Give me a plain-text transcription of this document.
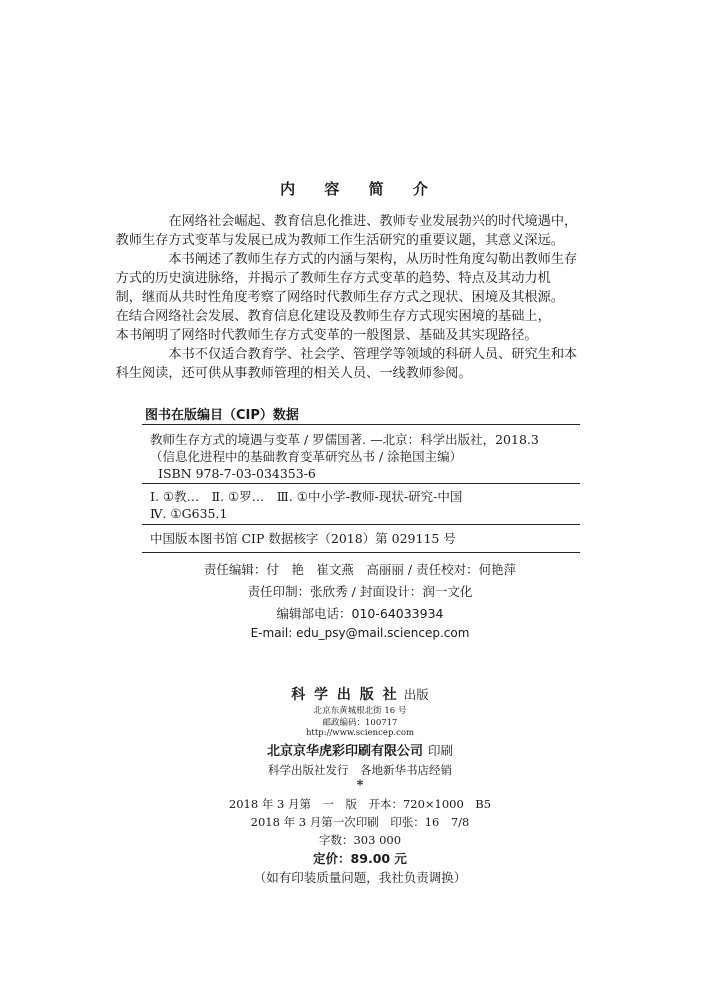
内 容 简 介
在网络社会崛起、教育信息化推进、教师专业发展勃兴的时代境遇中，
教师生存方式变革与发展已成为教师工作生活研究的重要议题，其意义深远。
本书阐述了教师生存方式的内涵与架构，从历时性角度勾勒出教师生存
方式的历史演进脉络，并揭示了教师生存方式变革的趋势、特点及其动力机
制，继而从共时性角度考察了网络时代教师生存方式之现状、困境及其根源。
在结合网络社会发展、教育信息化建设及教师生存方式现实困境的基础上，
本书阐明了网络时代教师生存方式变革的一般图景、基础及其实现路径。
本书不仅适合教育学、社会学、管理学等领域的科研人员、研究生和本
科生阅读，还可供从事教师管理的相关人员、一线教师参阅。
图书在版编目（CIP）数据
教师生存方式的境遇与变革 / 罗儒国著. —北京：科学出版社，2018.3
（信息化进程中的基础教育变革研究丛书 / 涂艳国主编）
ISBN 978-7-03-034353-6
Ⅰ. ①教…　Ⅱ. ①罗…　Ⅲ. ①中小学-教师-现状-研究-中国
Ⅳ. ①G635.1
中国版本图书馆 CIP 数据核字（2018）第 029115 号
责任编辑：付　艳　崔文燕　高丽丽 / 责任校对：何艳萍
责任印制：张欣秀 / 封面设计：润一文化
编辑部电话：010-64033934
E-mail: edu_psy@mail.sciencep.com
科 学 出 版 社 出版
北京东黄城根北街 16 号
邮政编码：100717
http://www.sciencep.com
北京京华虎彩印刷有限公司 印刷
科学出版社发行　各地新华书店经销
*
2018 年 3 月第　一　版　开本：720×1000　B5
2018 年 3 月第一次印刷　印张：16　7/8
字数：303 000
定价：89.00 元
（如有印装质量问题，我社负责调换）
